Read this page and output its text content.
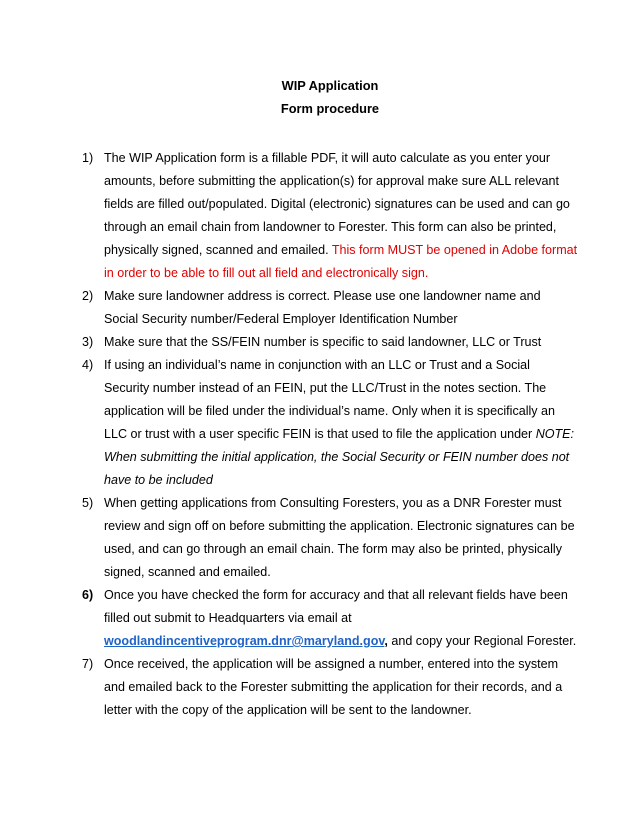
WIP Application

Form procedure

1) The WIP Application form is a fillable PDF, it will auto calculate as you enter your amounts, before submitting the application(s) for approval make sure ALL relevant fields are filled out/populated. Digital (electronic) signatures can be used and can go through an email chain from landowner to Forester. This form can also be printed, physically signed, scanned and emailed. This form MUST be opened in Adobe format in order to be able to fill out all field and electronically sign.
2) Make sure landowner address is correct. Please use one landowner name and Social Security number/Federal Employer Identification Number
3) Make sure that the SS/FEIN number is specific to said landowner, LLC or Trust
4) If using an individual’s name in conjunction with an LLC or Trust and a Social Security number instead of an FEIN, put the LLC/Trust in the notes section. The application will be filed under the individual’s name. Only when it is specifically an LLC or trust with a user specific FEIN is that used to file the application under NOTE: When submitting the initial application, the Social Security or FEIN number does not have to be included
5) When getting applications from Consulting Foresters, you as a DNR Forester must review and sign off on before submitting the application. Electronic signatures can be used, and can go through an email chain. The form may also be printed, physically signed, scanned and emailed.
6) Once you have checked the form for accuracy and that all relevant fields have been filled out submit to Headquarters via email at woodlandincentiveprogram.dnr@maryland.gov, and copy your Regional Forester.
7) Once received, the application will be assigned a number, entered into the system and emailed back to the Forester submitting the application for their records, and a letter with the copy of the application will be sent to the landowner.
